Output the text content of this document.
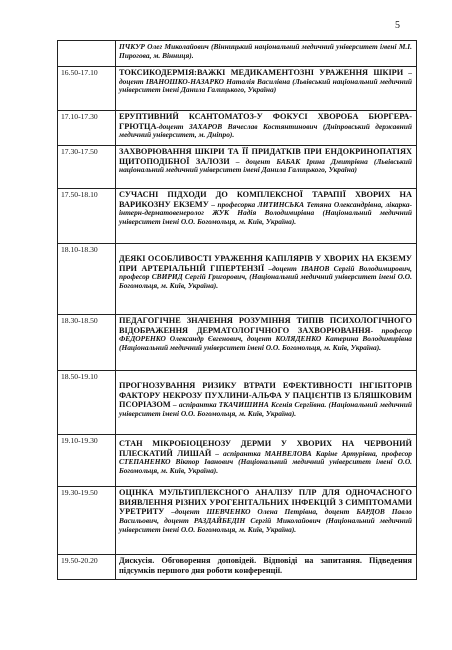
5
	ПЧКУР Олег Миколайович (Вінницький національний медичний університет імені М.І. Пирогова, м. Вінниця).
16.50-17.10	ТОКСИКОДЕРМІЯ:ВАЖКІ МЕДИКАМЕНТОЗНІ УРАЖЕННЯ ШКІРИ – доцент ІВАНОШКО-НАЗАРКО Наталія Василівна (Львівський національний медичний університет імені Данила Галицького, Україна)
17.10-17.30	ЕРУПТИВНИЙ КСАНТОМАТОЗ-У ФОКУСІ ХВОРОБА БЮРГЕРА-ГРЮТЦА-доцент ЗАХАРОВ Вячеслав Костянтинович (Дніпровський державний медичний університет, м. Дніпро).
17.30-17.50	ЗАХВОРЮВАННЯ ШКІРИ ТА ЇЇ ПРИДАТКІВ ПРИ ЕНДОКРИНОПАТІЯХ ЩИТОПОДІБНОЇ ЗАЛОЗИ – доцент БАБАК Ірина Дмитрівна (Львівський національний медичний університет імені Данила Галицького, Україна)
17.50-18.10	СУЧАСНІ ПІДХОДИ ДО КОМПЛЕКСНОЇ ТАРАПІЇ ХВОРИХ НА ВАРИКОЗНУ ЕКЗЕМУ – професорка ЛИТИНСЬКА Тетяна Олександрівна, лікарка-інтерн-дерматовенеролог ЖУК Надія Володимирівна (Національний медичний університет імені О.О. Богомольця, м. Київ, Україна).
18.10-18.30	ДЕЯКІ ОСОБЛИВОСТІ УРАЖЕННЯ КАПІЛЯРІВ У ХВОРИХ НА ЕКЗЕМУ ПРИ АРТЕРІАЛЬНІЙ ГІПЕРТЕНЗІЇ –доцент ІВАНОВ Сергій Володимирович, професор СВИРИД Сергій Григорович, (Національний медичний університет імені О.О. Богомольця, м. Київ, Україна).
18.30-18.50	ПЕДАГОГІЧНЕ ЗНАЧЕННЯ РОЗУМІННЯ ТИПІВ ПСИХОЛОГІЧНОГО ВІДОБРАЖЕННЯ ДЕРМАТОЛОГІЧНОГО ЗАХВОРЮВАННЯ- професор ФЕДОРЕНКО Олександр Євгенович, доцент КОЛЯДЕНКО Катерина Володимирівна (Національний медичний університет імені О.О. Богомольця, м. Київ, Україна).
18.50-19.10	ПРОГНОЗУВАННЯ РИЗИКУ ВТРАТИ ЕФЕКТИВНОСТІ ІНГІБІТОРІВ ФАКТОРУ НЕКРОЗУ ПУХЛИНИ-АЛЬФА У ПАЦІЄНТІВ ІЗ БЛЯШКОВИМ ПСОРІАЗОМ – аспірантка ТКАЧИШИНА Ксенія Сергіївна. (Національний медичний університет імені О.О. Богомольця, м. Київ, Україна).
19.10-19.30	СТАН МІКРОБІОЦЕНОЗУ ДЕРМИ У ХВОРИХ НА ЧЕРВОНИЙ ПЛЕСКАТИЙ ЛИШАЙ – аспірантка МАНВЕЛОВА Каріне Артурівна, професор СТЕПАНЕНКО Віктор Іванович (Національний медичний університет імені О.О. Богомольця, м. Київ, Україна).
19.30-19.50	ОЦІНКА МУЛЬТИПЛЕКСНОГО АНАЛІЗУ ПЛР ДЛЯ ОДНОЧАСНОГО ВИЯВЛЕННЯ РІЗНИХ УРОГЕНІТАЛЬНИХ ІНФЕКЦІЙ З СИМПТОМАМИ УРЕТРИТУ –доцент ШЕВЧЕНКО Олена Петрівна, доцент БАРДОВ Павло Васильович, доцент РАЗДАЙБЕДІН Сергій Миколайович (Національний медичний університет імені О.О. Богомольця, м. Київ, Україна).
19.50-20.20	Дискусія. Обговорення доповідей. Відповіді на запитання. Підведення підсумків першого дня роботи конференції.
